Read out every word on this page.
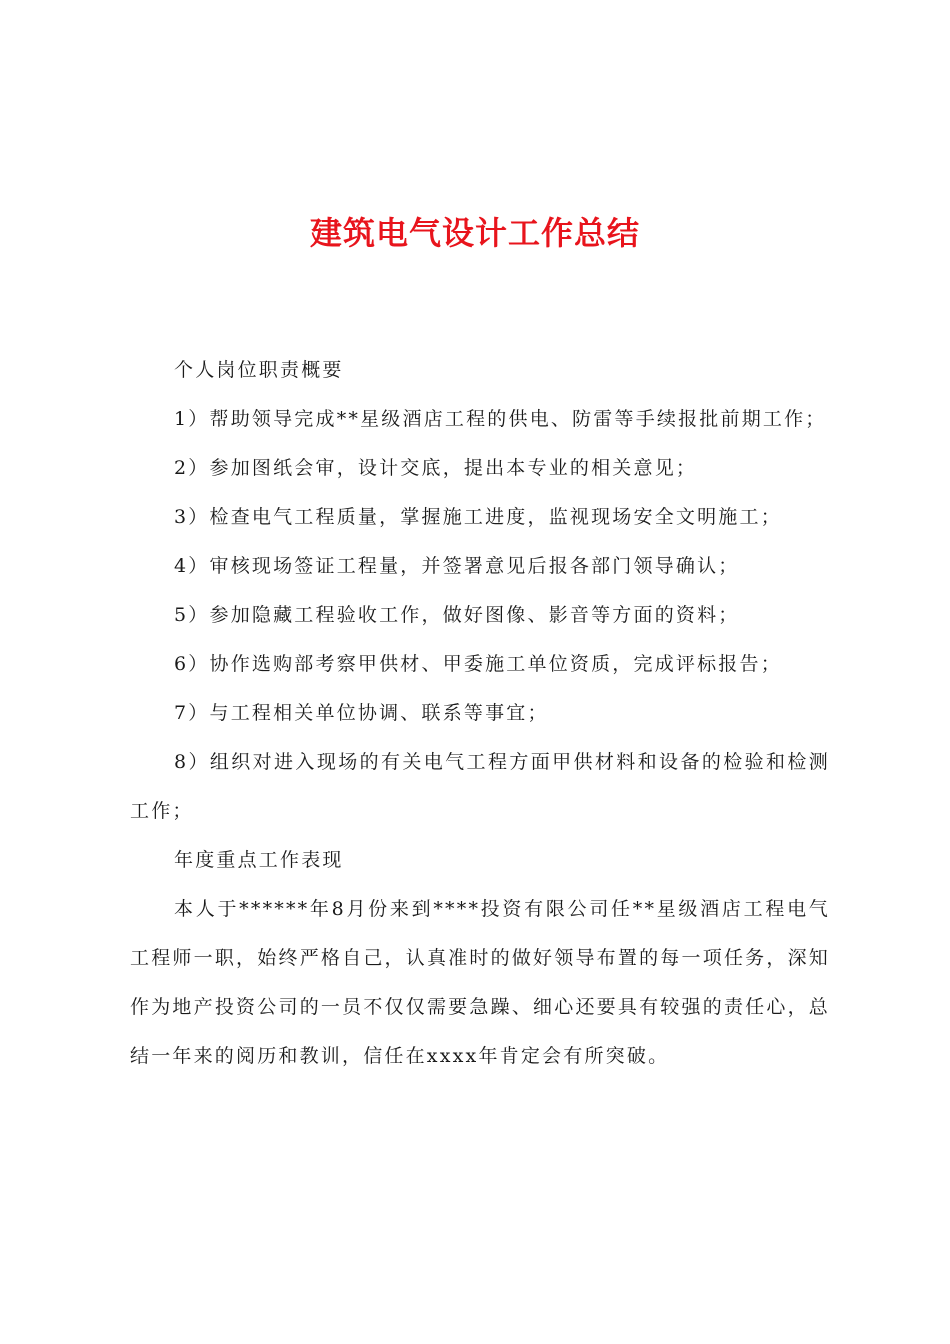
建筑电气设计工作总结

个人岗位职责概要

1）帮助领导完成**星级酒店工程的供电、防雷等手续报批前期工作；

2）参加图纸会审，设计交底，提出本专业的相关意见；

3）检查电气工程质量，掌握施工进度，监视现场安全文明施工；

4）审核现场签证工程量，并签署意见后报各部门领导确认；

5）参加隐藏工程验收工作，做好图像、影音等方面的资料；

6）协作选购部考察甲供材、甲委施工单位资质，完成评标报告；

7）与工程相关单位协调、联系等事宜；

8）组织对进入现场的有关电气工程方面甲供材料和设备的检验和检测工作；

年度重点工作表现

本人于******年8月份来到****投资有限公司任**星级酒店工程电气工程师一职，始终严格自己，认真准时的做好领导布置的每一项任务，深知作为地产投资公司的一员不仅仅需要急躁、细心还要具有较强的责任心，总结一年来的阅历和教训，信任在xxxx年肯定会有所突破。
